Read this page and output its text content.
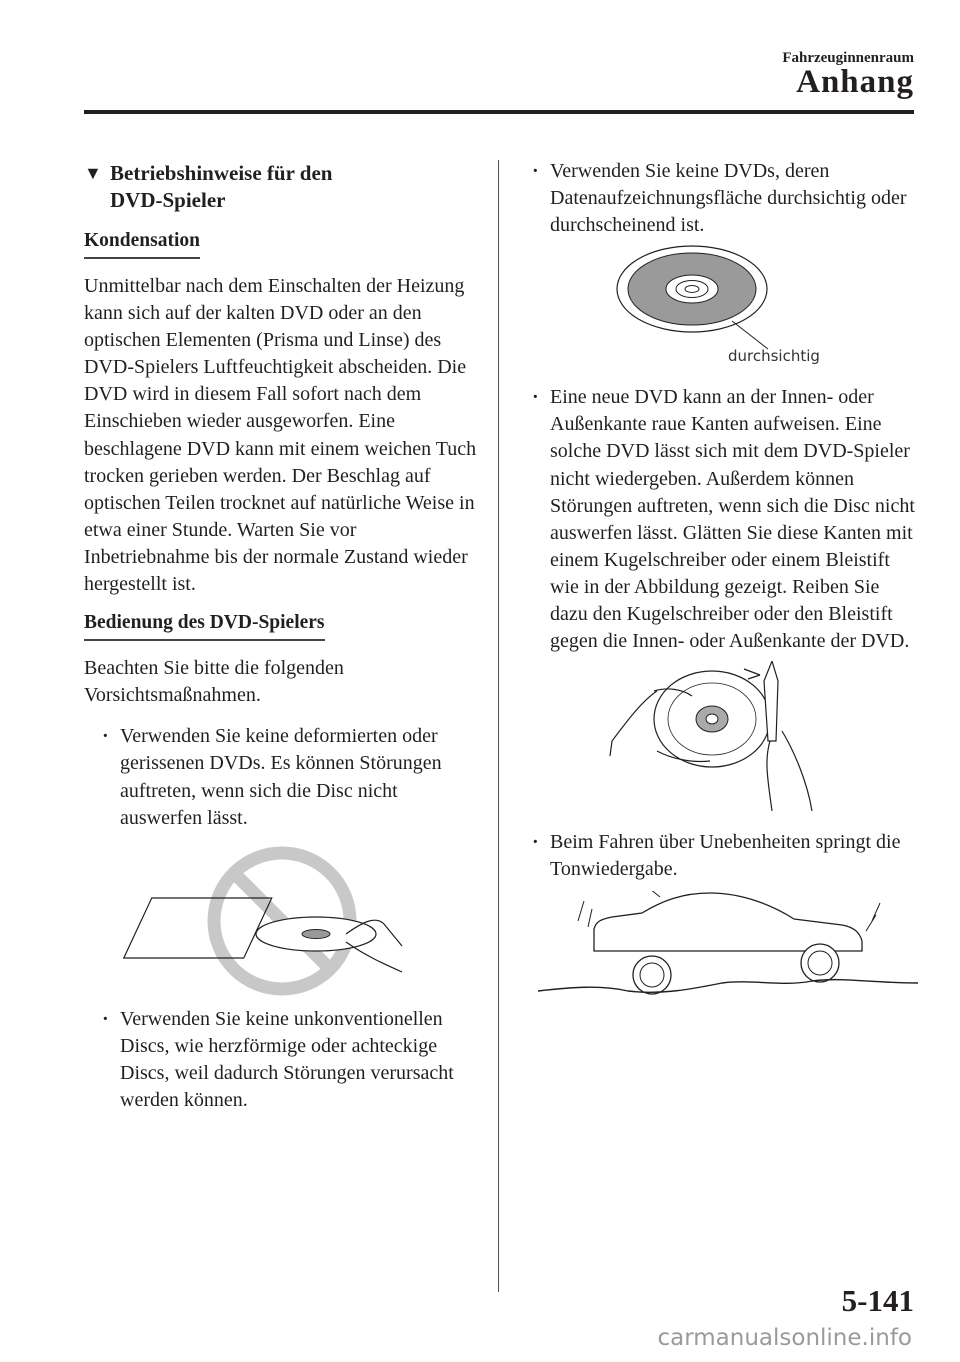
Fahrzeuginnenraum
Anhang
▼ Betriebshinweise für den
DVD-Spieler
Kondensation
Unmittelbar nach dem Einschalten der Heizung kann sich auf der kalten DVD oder an den optischen Elementen (Prisma und Linse) des DVD-Spielers Luftfeuchtigkeit abscheiden. Die DVD wird in diesem Fall sofort nach dem Einschieben wieder ausgeworfen. Eine beschlagene DVD kann mit einem weichen Tuch trocken gerieben werden. Der Beschlag auf optischen Teilen trocknet auf natürliche Weise in etwa einer Stunde. Warten Sie vor Inbetriebnahme bis der normale Zustand wieder hergestellt ist.
Bedienung des DVD-Spielers
Beachten Sie bitte die folgenden Vorsichtsmaßnahmen.
· Verwenden Sie keine deformierten oder gerissenen DVDs. Es können Störungen auftreten, wenn sich die Disc nicht auswerfen lässt.
· Verwenden Sie keine unkonventionellen Discs, wie herzförmige oder achteckige Discs, weil dadurch Störungen verursacht werden können.
· Verwenden Sie keine DVDs, deren Datenaufzeichnungsfläche durchsichtig oder durchscheinend ist.
durchsichtig
· Eine neue DVD kann an der Innen- oder Außenkante raue Kanten aufweisen. Eine solche DVD lässt sich mit dem DVD-Spieler nicht wiedergeben. Außerdem können Störungen auftreten, wenn sich die Disc nicht auswerfen lässt. Glätten Sie diese Kanten mit einem Kugelschreiber oder einem Bleistift wie in der Abbildung gezeigt. Reiben Sie dazu den Kugelschreiber oder den Bleistift gegen die Innen- oder Außenkante der DVD.
· Beim Fahren über Unebenheiten springt die Tonwiedergabe.
5-141
carmanualsonline.info
